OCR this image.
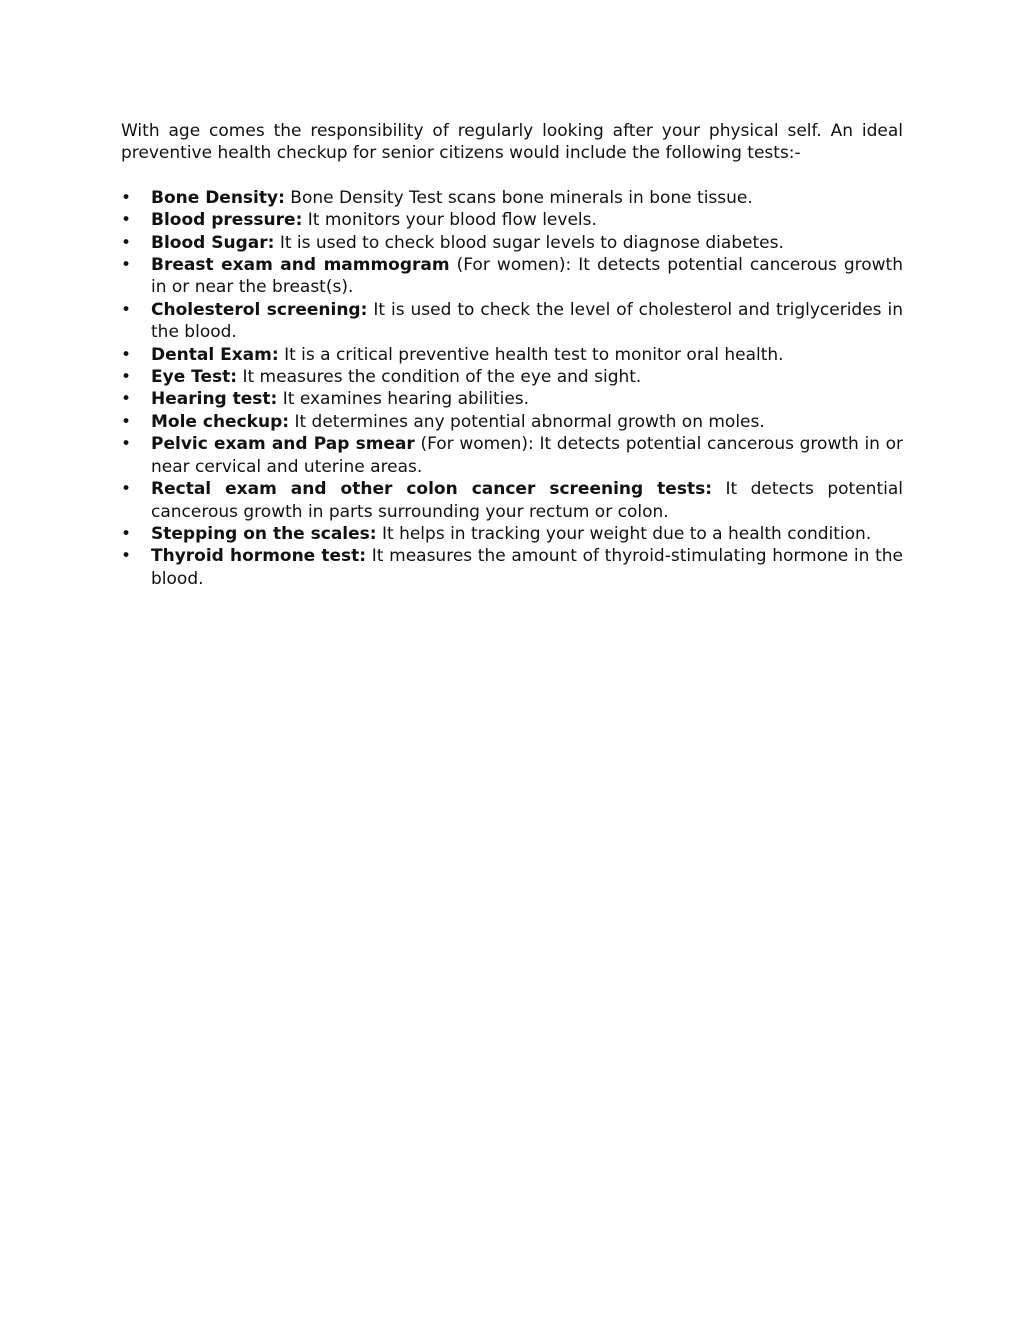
With age comes the responsibility of regularly looking after your physical self. An ideal preventive health checkup for senior citizens would include the following tests:-

• Bone Density: Bone Density Test scans bone minerals in bone tissue.
• Blood pressure: It monitors your blood flow levels.
• Blood Sugar: It is used to check blood sugar levels to diagnose diabetes.
• Breast exam and mammogram (For women): It detects potential cancerous growth in or near the breast(s).
• Cholesterol screening: It is used to check the level of cholesterol and triglycerides in the blood.
• Dental Exam: It is a critical preventive health test to monitor oral health.
• Eye Test: It measures the condition of the eye and sight.
• Hearing test: It examines hearing abilities.
• Mole checkup: It determines any potential abnormal growth on moles.
• Pelvic exam and Pap smear (For women): It detects potential cancerous growth in or near cervical and uterine areas.
• Rectal exam and other colon cancer screening tests: It detects potential cancerous growth in parts surrounding your rectum or colon.
• Stepping on the scales: It helps in tracking your weight due to a health condition.
• Thyroid hormone test: It measures the amount of thyroid-stimulating hormone in the blood.
